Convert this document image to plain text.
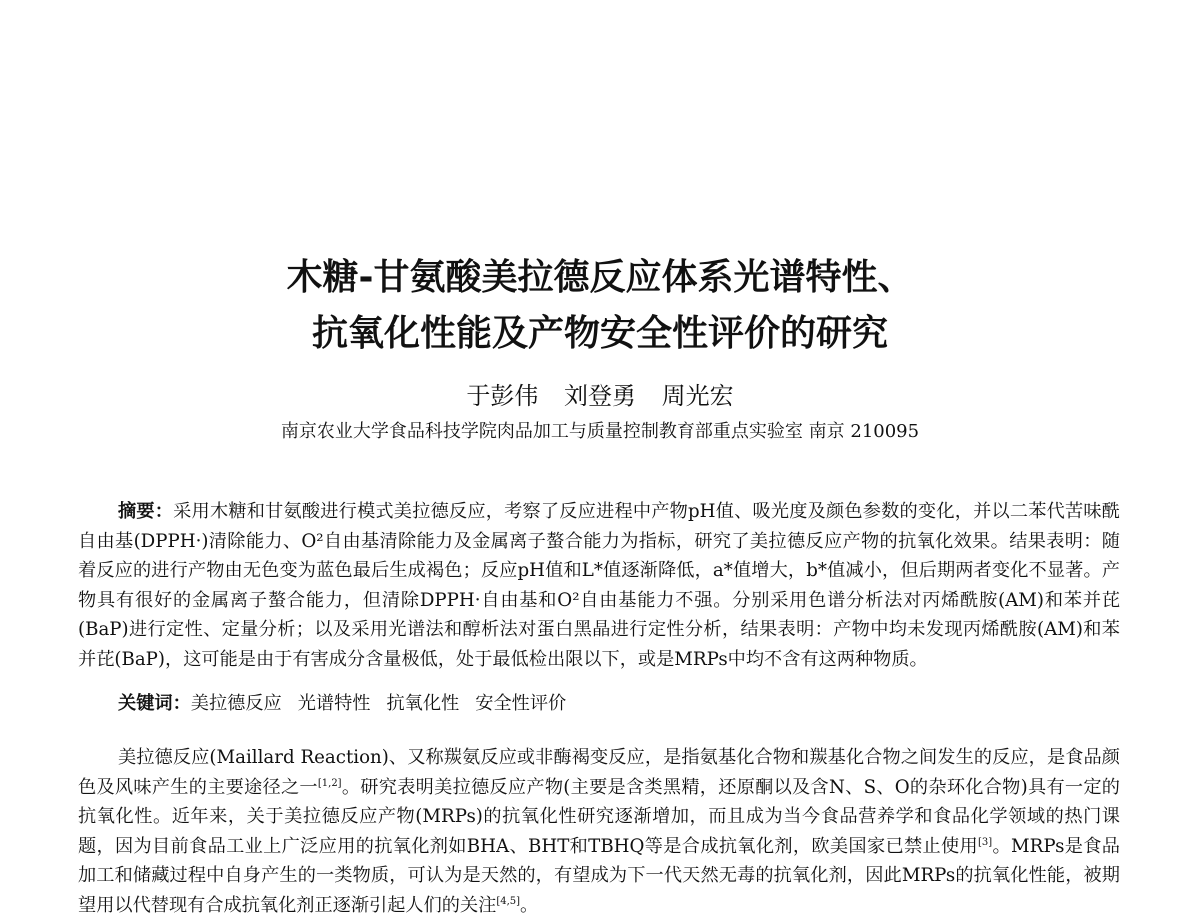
木糖-甘氨酸美拉德反应体系光谱特性、
抗氧化性能及产物安全性评价的研究
于彭伟 刘登勇 周光宏
南京农业大学食品科技学院肉品加工与质量控制教育部重点实验室 南京 210095
摘要：采用木糖和甘氨酸进行模式美拉德反应，考察了反应进程中产物pH值、吸光度及颜色参数的变化，并以二苯代苦味酰自由基(DPPH·)清除能力、O²自由基清除能力及金属离子螯合能力为指标，研究了美拉德反应产物的抗氧化效果。结果表明：随着反应的进行产物由无色变为蓝色最后生成褐色；反应pH值和L*值逐渐降低，a*值增大，b*值减小，但后期两者变化不显著。产物具有很好的金属离子螯合能力，但清除DPPH·自由基和O²自由基能力不强。分别采用色谱分析法对丙烯酰胺(AM)和苯并芘(BaP)进行定性、定量分析；以及采用光谱法和醇析法对蛋白黑晶进行定性分析，结果表明：产物中均未发现丙烯酰胺(AM)和苯并芘(BaP)，这可能是由于有害成分含量极低，处于最低检出限以下，或是MRPs中均不含有这两种物质。
关键词：美拉德反应 光谱特性 抗氧化性 安全性评价
美拉德反应(Maillard Reaction)、又称羰氨反应或非酶褐变反应，是指氨基化合物和羰基化合物之间发生的反应，是食品颜色及风味产生的主要途径之一[1,2]。研究表明美拉德反应产物(主要是含类黑精，还原酮以及含N、S、O的杂环化合物)具有一定的抗氧化性。近年来，关于美拉德反应产物(MRPs)的抗氧化性研究逐渐增加，而且成为当今食品营养学和食品化学领域的热门课题，因为目前食品工业上广泛应用的抗氧化剂如BHA、BHT和TBHQ等是合成抗氧化剂，欧美国家已禁止使用[3]。MRPs是食品加工和储藏过程中自身产生的一类物质，可认为是天然的，有望成为下一代天然无毒的抗氧化剂，因此MRPs的抗氧化性能，被期望用以代替现有合成抗氧化剂正逐渐引起人们的关注[4,5]。
